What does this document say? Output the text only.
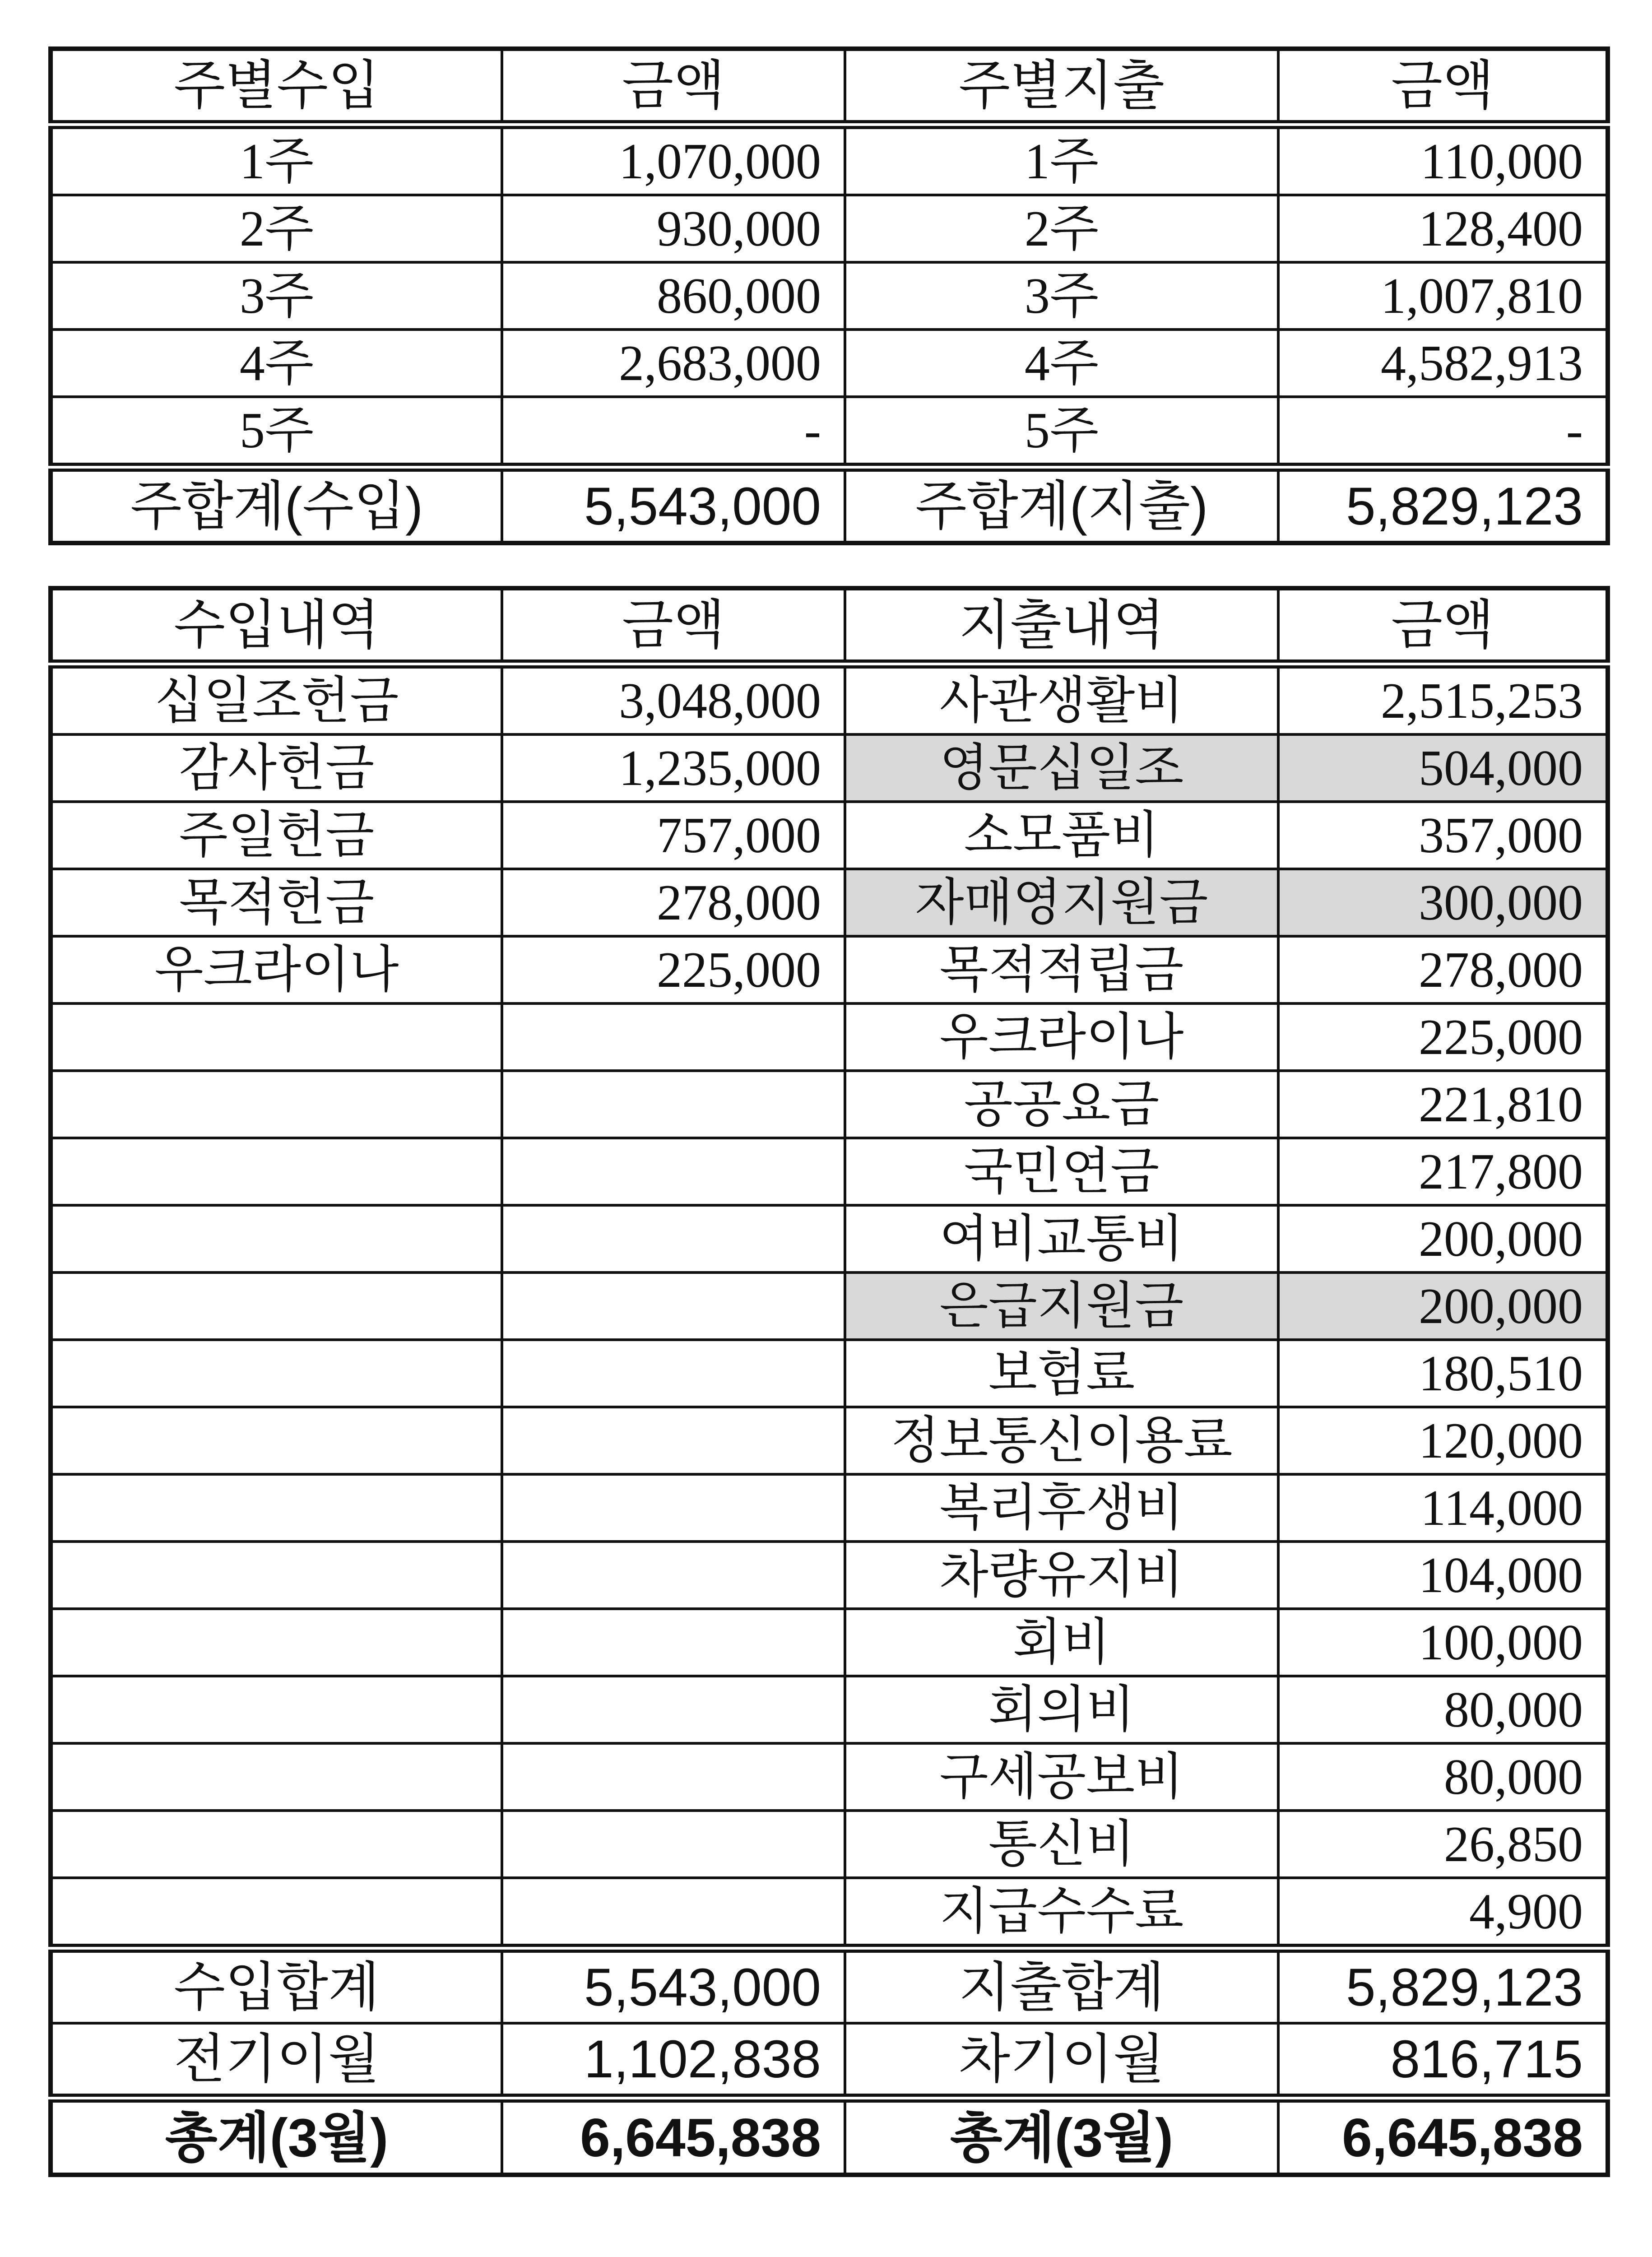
주별수입	금액	주별지출	금액
1주	1,070,000	1주	110,000
2주	930,000	2주	128,400
3주	860,000	3주	1,007,810
4주	2,683,000	4주	4,582,913
5주	-	5주	-
주합계(수입)	5,543,000	주합계(지출)	5,829,123
수입내역	금액	지출내역	금액
십일조헌금	3,048,000	사관생활비	2,515,253
감사헌금	1,235,000	영문십일조	504,000
주일헌금	757,000	소모품비	357,000
목적헌금	278,000	자매영지원금	300,000
우크라이나	225,000	목적적립금	278,000
		우크라이나	225,000
		공공요금	221,810
		국민연금	217,800
		여비교통비	200,000
		은급지원금	200,000
		보험료	180,510
		정보통신이용료	120,000
		복리후생비	114,000
		차량유지비	104,000
		회비	100,000
		회의비	80,000
		구세공보비	80,000
		통신비	26,850
		지급수수료	4,900
수입합계	5,543,000	지출합계	5,829,123
전기이월	1,102,838	차기이월	816,715
총계(3월)	6,645,838	총계(3월)	6,645,838
